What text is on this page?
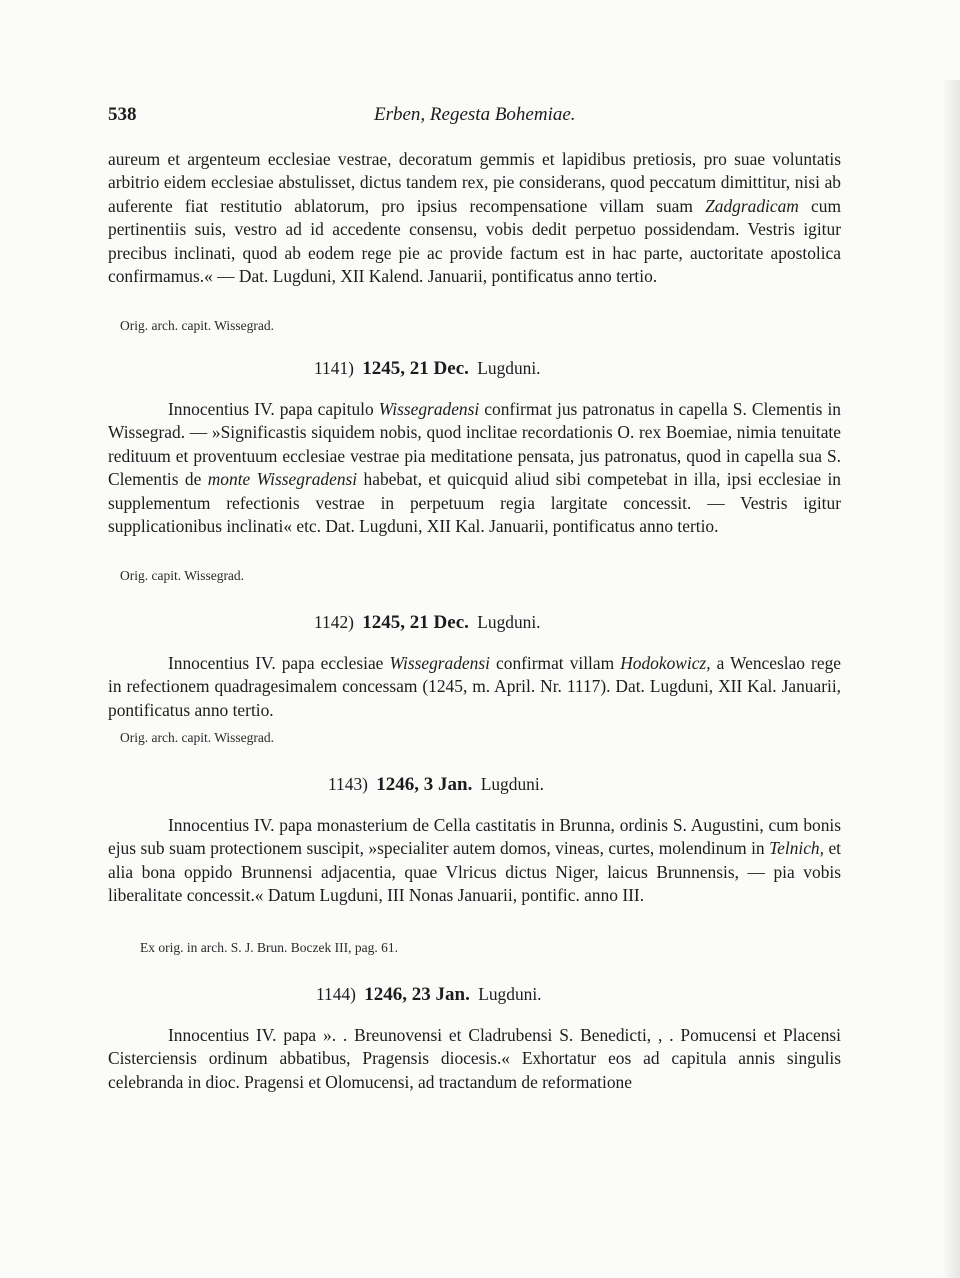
538	Erben, Regesta Bohemiae.
aureum et argenteum ecclesiae vestrae, decoratum gemmis et lapidibus pretiosis, pro suae voluntatis arbitrio eidem ecclesiae abstulisset, dictus tandem rex, pie considerans, quod peccatum dimittitur, nisi ab auferente fiat restitutio ablatorum, pro ipsius recompensatione villam suam Zadgradicam cum pertinentiis suis, vestro ad id accedente consensu, vobis dedit perpetuo possidendam. Vestris igitur precibus inclinati, quod ab eodem rege pie ac provide factum est in hac parte, auctoritate apostolica confirmamus.« — Dat. Lugduni, XII Kalend. Januarii, pontificatus anno tertio.
Orig. arch. capit. Wissegrad.
1141) 1245, 21 Dec. Lugduni.
Innocentius IV. papa capitulo Wissegradensi confirmat jus patronatus in capella S. Clementis in Wissegrad. — »Significastis siquidem nobis, quod inclitae recordationis O. rex Boemiae, nimia tenuitate redituum et proventuum ecclesiae vestrae pia meditatione pensata, jus patronatus, quod in capella sua S. Clementis de monte Wissegradensi habebat, et quicquid aliud sibi competebat in illa, ipsi ecclesiae in supplementum refectionis vestrae in perpetuum regia largitate concessit. — Vestris igitur supplicationibus inclinati« etc. Dat. Lugduni, XII Kal. Januarii, pontificatus anno tertio.
Orig. capit. Wissegrad.
1142) 1245, 21 Dec. Lugduni.
Innocentius IV. papa ecclesiae Wissegradensi confirmat villam Hodokowicz, a Wenceslao rege in refectionem quadragesimalem concessam (1245, m. April. Nr. 1117). Dat. Lugduni, XII Kal. Januarii, pontificatus anno tertio.
Orig. arch. capit. Wissegrad.
1143) 1246, 3 Jan. Lugduni.
Innocentius IV. papa monasterium de Cella castitatis in Brunna, ordinis S. Augustini, cum bonis ejus sub suam protectionem suscipit, »specialiter autem domos, vineas, curtes, molendinum in Telnich, et alia bona oppido Brunnensi adjacentia, quae Vlricus dictus Niger, laicus Brunnensis, — pia vobis liberalitate concessit.« Datum Lugduni, III Nonas Januarii, pontific. anno III.
Ex orig. in arch. S. J. Brun. Boczek III, pag. 61.
1144) 1246, 23 Jan. Lugduni.
Innocentius IV. papa ». . Breunovensi et Cladrubensi S. Benedicti, , . Pomucensi et Placensi Cisterciensis ordinum abbatibus, Pragensis diocesis.« Exhortatur eos ad capitula annis singulis celebranda in dioc. Pragensi et Olomucensi, ad tractandum de reformatione
